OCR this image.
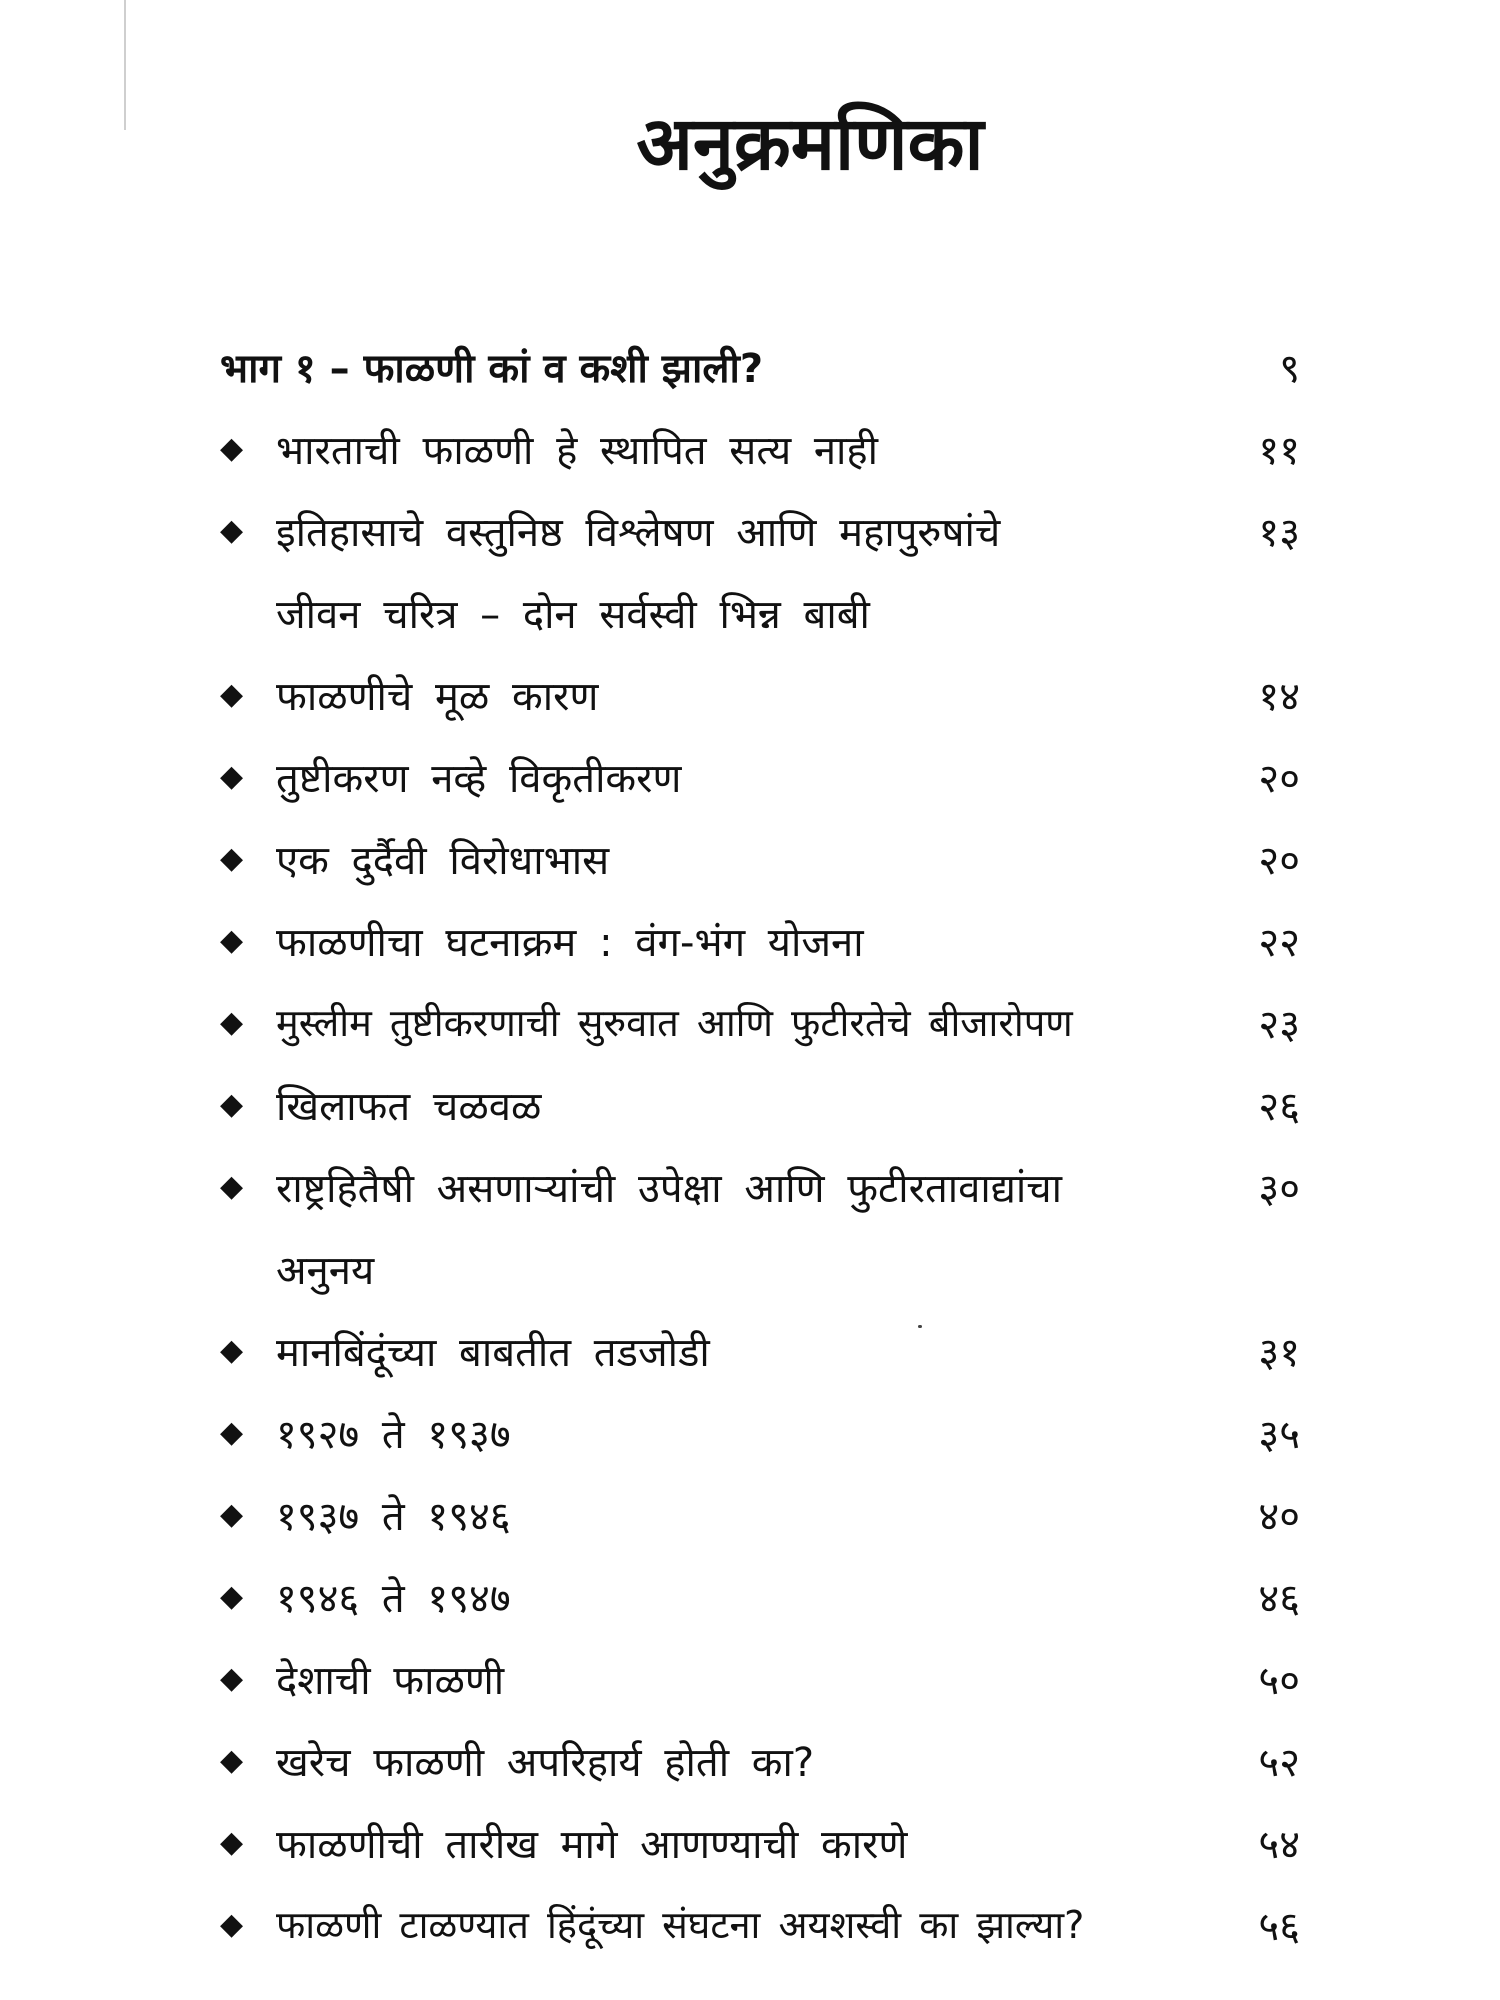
अनुक्रमणिका
भाग १ – फाळणी कां व कशी झाली?	९
◆ भारताची फाळणी हे स्थापित सत्य नाही	११
◆ इतिहासाचे वस्तुनिष्ठ विश्लेषण आणि महापुरुषांचे	१३
जीवन चरित्र – दोन सर्वस्वी भिन्न बाबी
◆ फाळणीचे मूळ कारण	१४
◆ तुष्टीकरण नव्हे विकृतीकरण	२०
◆ एक दुर्दैवी विरोधाभास	२०
◆ फाळणीचा घटनाक्रम : वंग-भंग योजना	२२
◆ मुस्लीम तुष्टीकरणाची सुरुवात आणि फुटीरतेचे बीजारोपण	२३
◆ खिलाफत चळवळ	२६
◆ राष्ट्रहितैषी असणाऱ्यांची उपेक्षा आणि फुटीरतावाद्यांचा	३०
अनुनय
◆ मानबिंदूंच्या बाबतीत तडजोडी	३१
◆ १९२७ ते १९३७	३५
◆ १९३७ ते १९४६	४०
◆ १९४६ ते १९४७	४६
◆ देशाची फाळणी	५०
◆ खरेच फाळणी अपरिहार्य होती का?	५२
◆ फाळणीची तारीख मागे आणण्याची कारणे	५४
◆ फाळणी टाळण्यात हिंदूंच्या संघटना अयशस्वी का झाल्या?	५६
